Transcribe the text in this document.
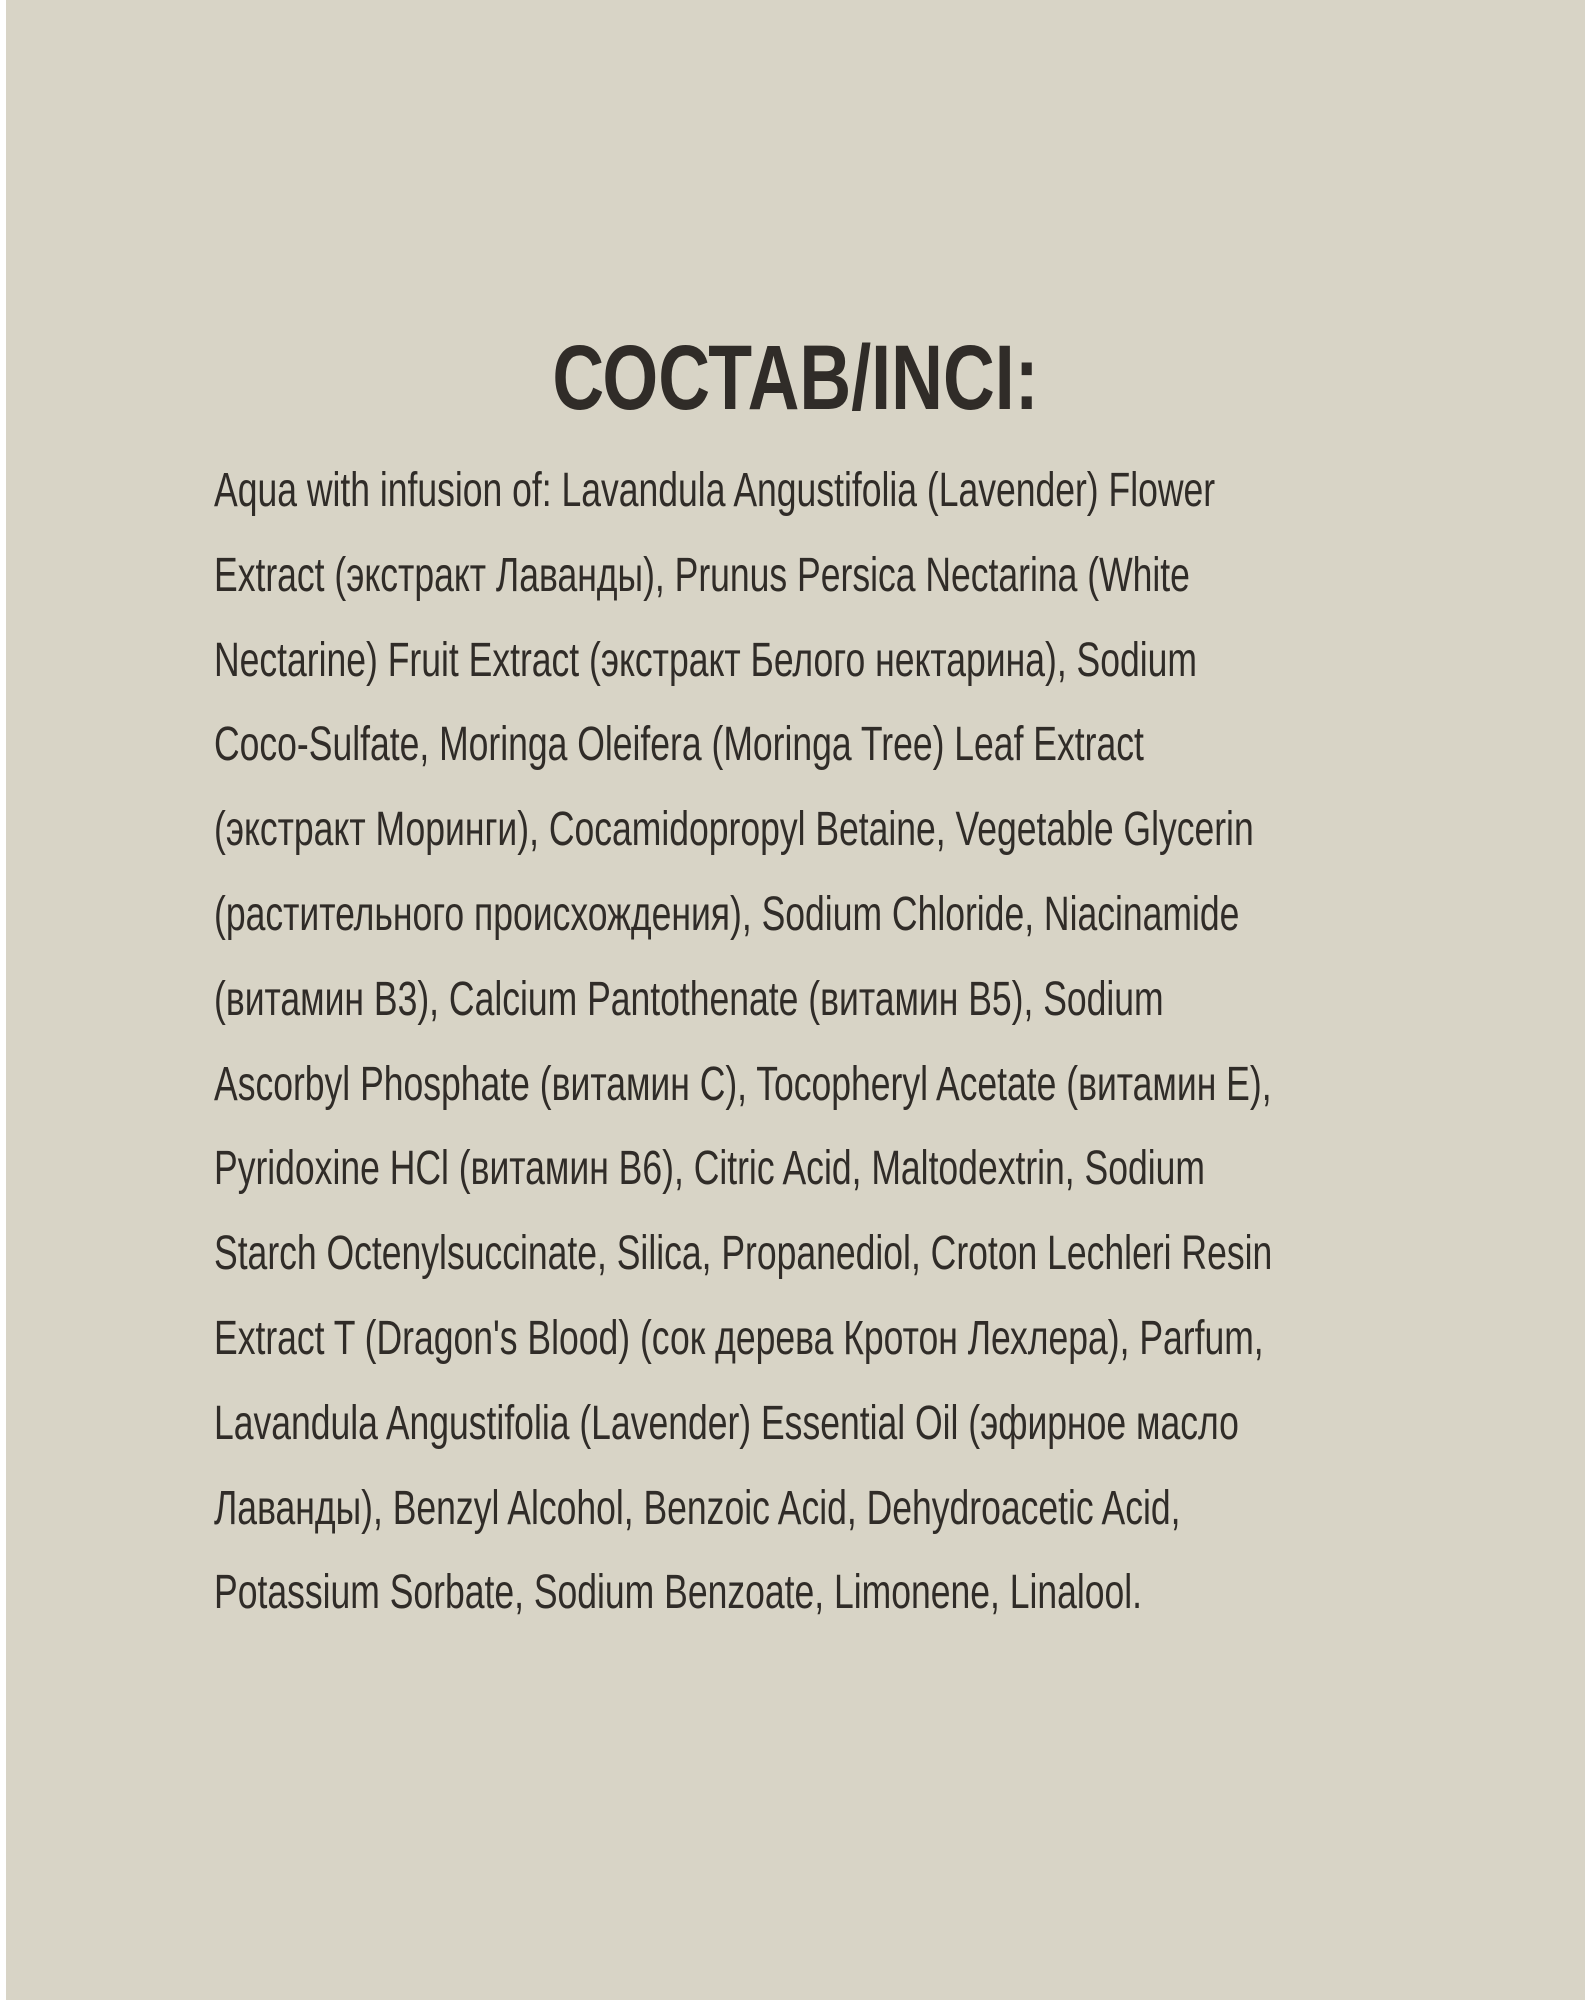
СОСТАВ/INCI:
Aqua with infusion of: Lavandula Angustifolia (Lavender) Flower
Extract (экстракт Лаванды), Prunus Persica Nectarina (White
Nectarine) Fruit Extract (экстракт Белого нектарина), Sodium
Coco-Sulfate, Moringa Oleifera (Moringa Tree) Leaf Extract
(экстракт Моринги), Cocamidopropyl Betaine, Vegetable Glycerin
(растительного происхождения), Sodium Chloride, Niacinamide
(витамин B3), Calcium Pantothenate (витамин B5), Sodium
Ascorbyl Phosphate (витамин C), Tocopheryl Acetate (витамин E),
Pyridoxine HCl (витамин B6), Citric Acid, Maltodextrin, Sodium
Starch Octenylsuccinate, Silica, Propanediol, Croton Lechleri Resin
Extract T (Dragon's Blood) (сок дерева Кротон Лехлера), Parfum,
Lavandula Angustifolia (Lavender) Essential Oil (эфирное масло
Лаванды), Benzyl Alcohol, Benzoic Acid, Dehydroacetic Acid,
Potassium Sorbate, Sodium Benzoate, Limonene, Linalool.
